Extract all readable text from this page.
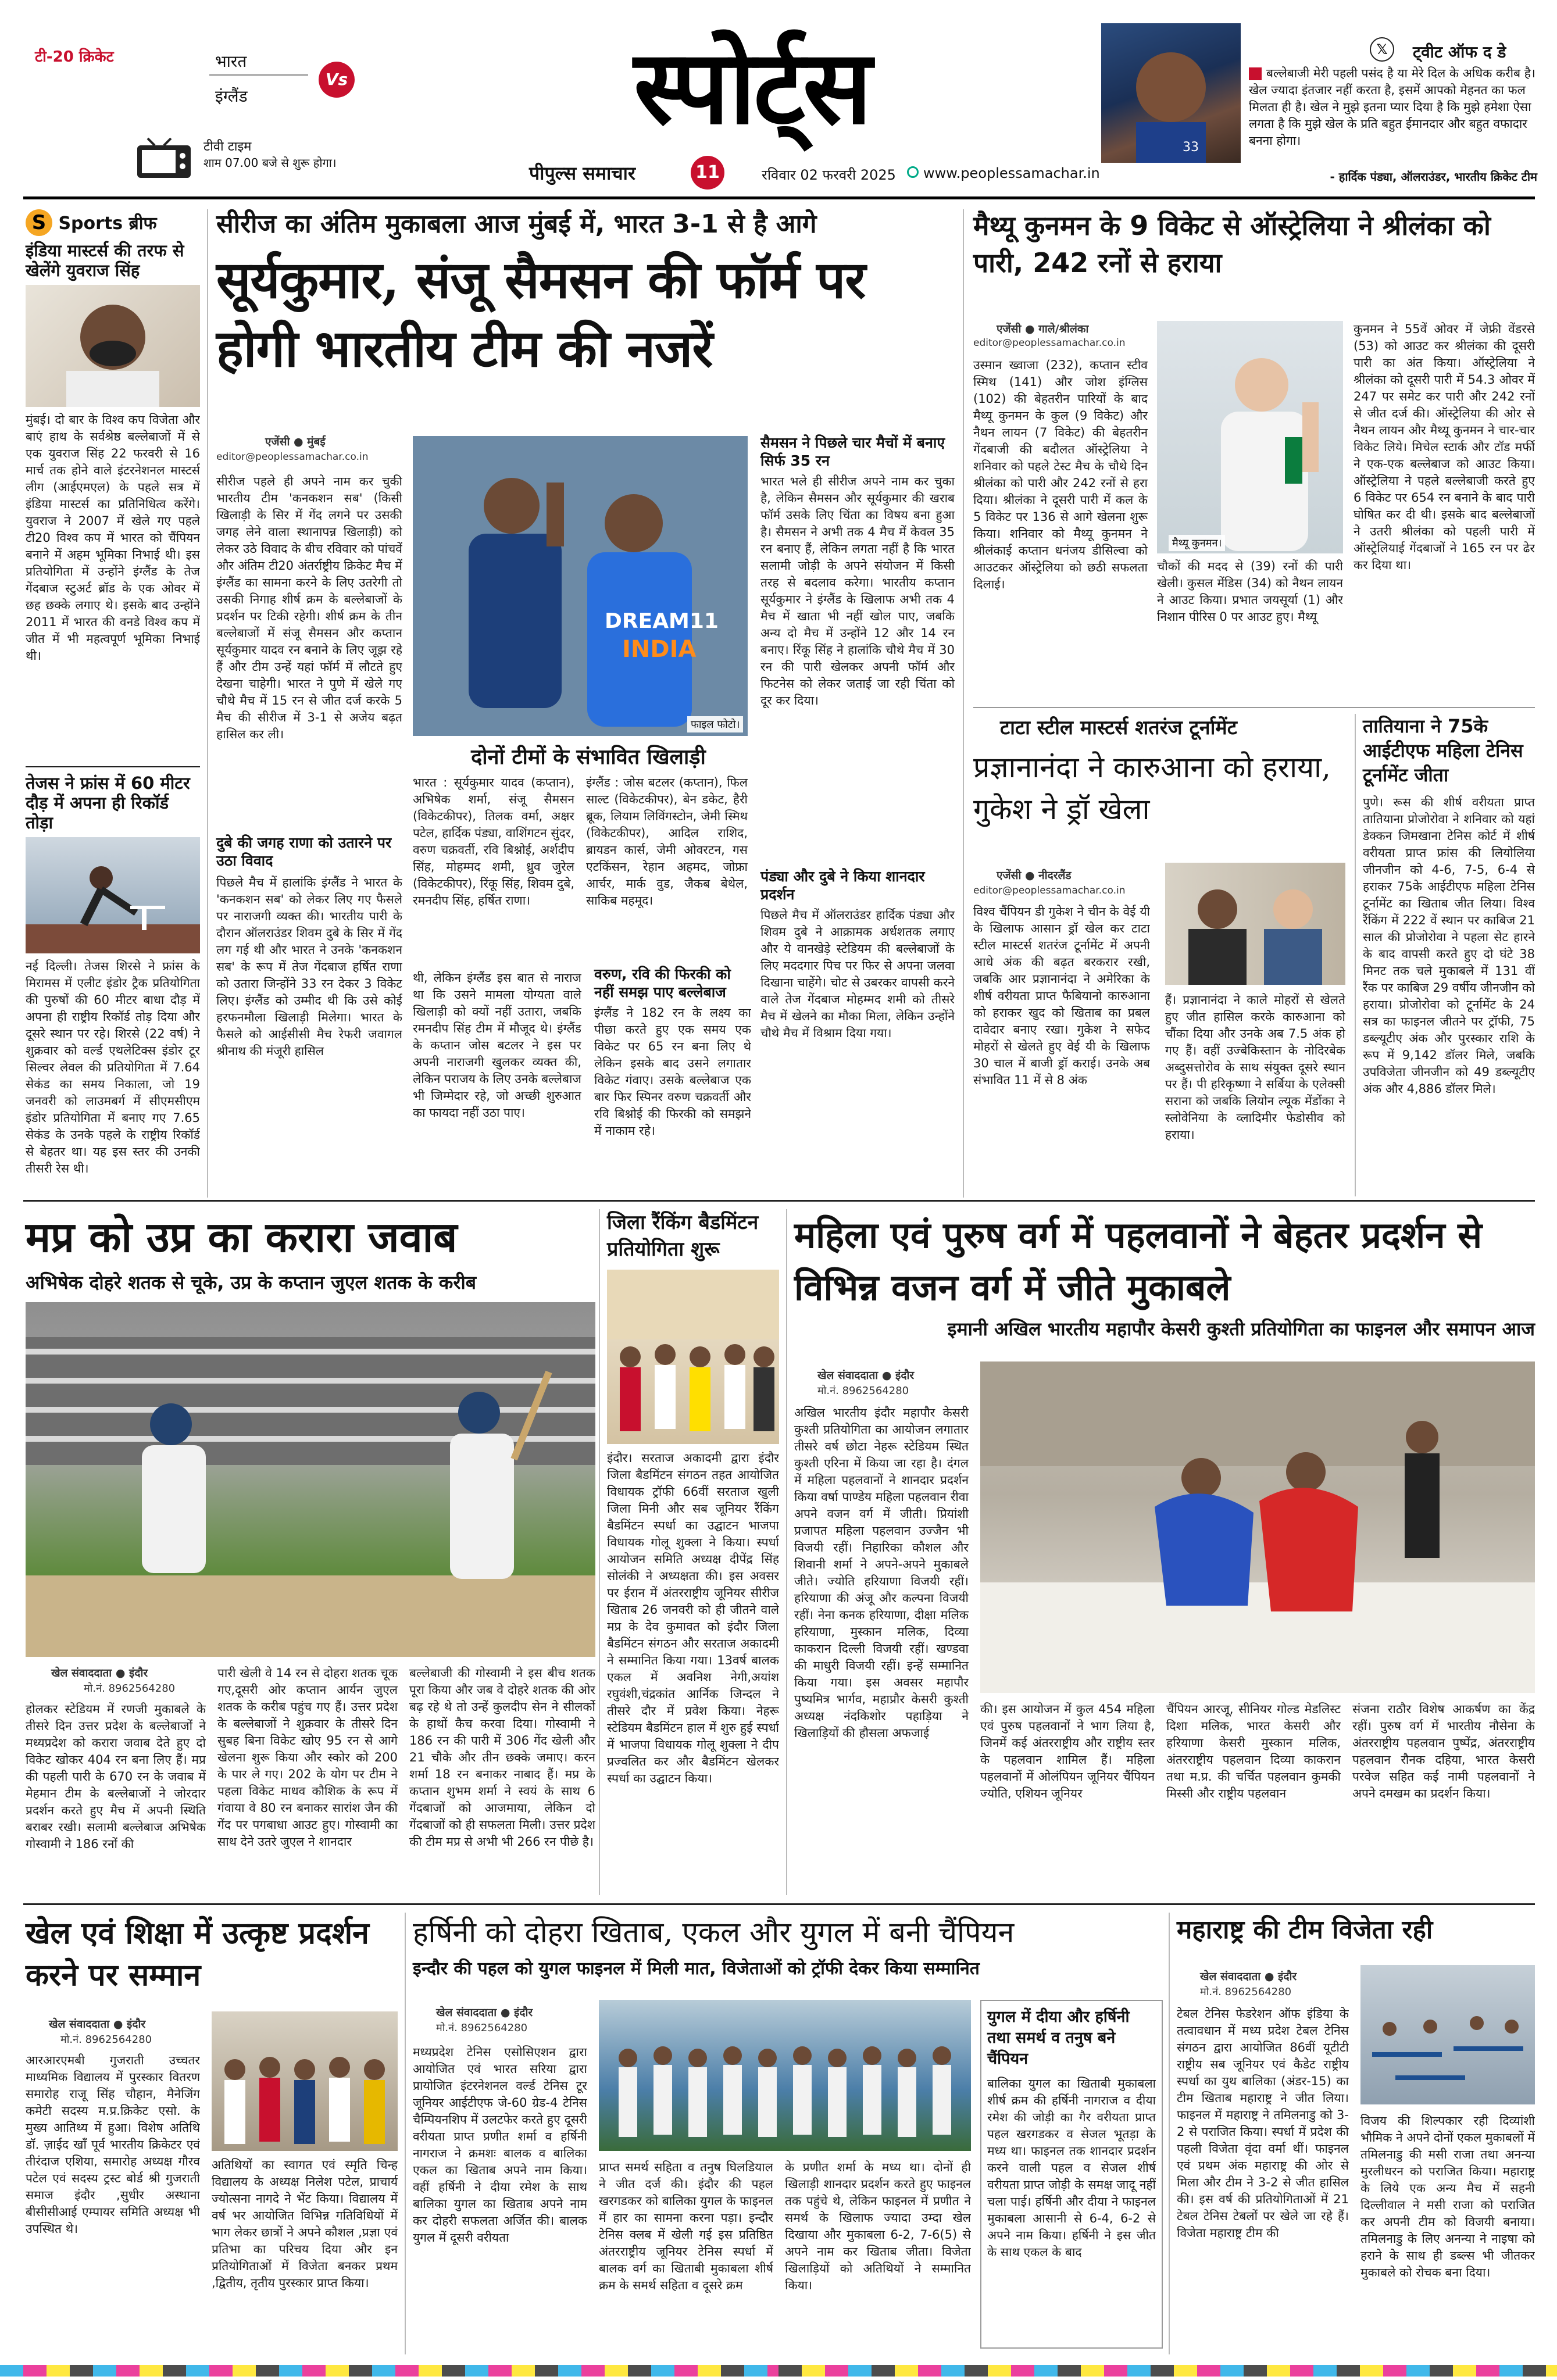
टी-20 क्रिकेट	भारत
इंग्लैंड
Vs
टीवी टाइम
शाम 07.00 बजे से शुरू होगा।
स्पोर्ट्स
पीपुल्स समाचार	11	रविवार 02 फरवरी 2025 www.peoplessamachar.in
33
𝕏	ट्वीट ऑफ द डे
बल्लेबाजी मेरी पहली पसंद है या मेरे दिल के अधिक करीब है। खेल ज्यादा इंतजार नहीं करता है, इसमें आपको मेहनत का फल मिलता ही है। खेल ने मुझे इतना प्यार दिया है कि मुझे हमेशा ऐसा लगता है कि मुझे खेल के प्रति बहुत ईमानदार और बहुत वफादार बनना होगा।
- हार्दिक पंड्या, ऑलराउंडर, भारतीय क्रिकेट टीम
S Sports ब्रीफ
इंडिया मास्टर्स की तरफ से खेलेंगे युवराज सिंह
मुंबई। दो बार के विश्व कप विजेता और बाएं हाथ के सर्वश्रेष्ठ बल्लेबाजों में से एक युवराज सिंह 22 फरवरी से 16 मार्च तक होने वाले इंटरनेशनल मास्टर्स लीग (आईएमएल) के पहले सत्र में इंडिया मास्टर्स का प्रतिनिधित्व करेंगे। युवराज ने 2007 में खेले गए पहले टी20 विश्व कप में भारत को चैंपियन बनाने में अहम भूमिका निभाई थी। इस प्रतियोगिता में उन्होंने इंग्लैंड के तेज गेंदबाज स्टुअर्ट ब्रॉड के एक ओवर में छह छक्के लगाए थे। इसके बाद उन्होंने 2011 में भारत की वनडे विश्व कप में जीत में भी महत्वपूर्ण भूमिका निभाई थी।
तेजस ने फ्रांस में 60 मीटर दौड़ में अपना ही रिकॉर्ड तोड़ा
नई दिल्ली। तेजस शिरसे ने फ्रांस के मिरामस में एलीट इंडोर ट्रैक प्रतियोगिता की पुरुषों की 60 मीटर बाधा दौड़ में अपना ही राष्ट्रीय रिकॉर्ड तोड़ दिया और दूसरे स्थान पर रहे। शिरसे (22 वर्ष) ने शुक्रवार को वर्ल्ड एथलेटिक्स इंडोर टूर सिल्वर लेवल की प्रतियोगिता में 7.64 सेकंड का समय निकाला, जो 19 जनवरी को लाउमबर्ग में सीएमसीएम इंडोर प्रतियोगिता में बनाए गए 7.65 सेकंड के उनके पहले के राष्ट्रीय रिकॉर्ड से बेहतर था। यह इस स्तर की उनकी तीसरी रेस थी।
सीरीज का अंतिम मुकाबला आज मुंबई में, भारत 3-1 से है आगे
सूर्यकुमार, संजू सैमसन की फॉर्म पर होगी भारतीय टीम की नजरें
एजेंसी ● मुंबई
editor@peoplessamachar.co.in
सीरीज पहले ही अपने नाम कर चुकी भारतीय टीम 'कनकशन सब' (किसी खिलाड़ी के सिर में गेंद लगने पर उसकी जगह लेने वाला स्थानापन्न खिलाड़ी) को लेकर उठे विवाद के बीच रविवार को पांचवें और अंतिम टी20 अंतर्राष्ट्रीय क्रिकेट मैच में इंग्लैंड का सामना करने के लिए उतरेगी तो उसकी निगाह शीर्ष क्रम के बल्लेबाजों के प्रदर्शन पर टिकी रहेगी। शीर्ष क्रम के तीन बल्लेबाजों में संजू सैमसन और कप्तान सूर्यकुमार यादव रन बनाने के लिए जूझ रहे हैं और टीम उन्हें यहां फॉर्म में लौटते हुए देखना चाहेगी। भारत ने पुणे में खेले गए चौथे मैच में 15 रन से जीत दर्ज करके 5 मैच की सीरीज में 3-1 से अजेय बढ़त हासिल कर ली।
दुबे की जगह राणा को उतारने पर उठा विवाद
पिछले मैच में हालांकि इंग्लैंड ने भारत के 'कनकशन सब' को लेकर लिए गए फैसले पर नाराजगी व्यक्त की। भारतीय पारी के दौरान ऑलराउंडर शिवम दुबे के सिर में गेंद लग गई थी और भारत ने उनके 'कनकशन सब' के रूप में तेज गेंदबाज हर्षित राणा को उतारा जिन्होंने 33 रन देकर 3 विकेट लिए। इंग्लैंड को उम्मीद थी कि उसे कोई हरफनमौला खिलाड़ी मिलेगा। भारत के फैसले को आईसीसी मैच रेफरी जवागल श्रीनाथ की मंजूरी हासिल
DREAM11
INDIA
फाइल फोटो।
दोनों टीमों के संभावित खिलाड़ी
भारत : सूर्यकुमार यादव (कप्तान), अभिषेक शर्मा, संजू सैमसन (विकेटकीपर), तिलक वर्मा, अक्षर पटेल, हार्दिक पंड्या, वाशिंगटन सुंदर, वरुण चक्रवर्ती, रवि बिश्नोई, अर्शदीप सिंह, मोहम्मद शमी, ध्रुव जुरेल (विकेटकीपर), रिंकू सिंह, शिवम दुबे, रमनदीप सिंह, हर्षित राणा।
इंग्लैंड : जोस बटलर (कप्तान), फिल साल्ट (विकेटकीपर), बेन डकेट, हैरी ब्रूक, लियाम लिविंगस्टोन, जेमी स्मिथ (विकेटकीपर), आदिल राशिद, ब्रायडन कार्स, जेमी ओवरटन, गस एटकिंसन, रेहान अहमद, जोफ्रा आर्चर, मार्क वुड, जैकब बेथेल, साकिब महमूद।
थी, लेकिन इंग्लैंड इस बात से नाराज था कि उसने मामला योग्यता वाले खिलाड़ी को क्यों नहीं उतारा, जबकि रमनदीप सिंह टीम में मौजूद थे। इंग्लैंड के कप्तान जोस बटलर ने इस पर अपनी नाराजगी खुलकर व्यक्त की, लेकिन पराजय के लिए उनके बल्लेबाज भी जिम्मेदार रहे, जो अच्छी शुरुआत का फायदा नहीं उठा पाए।
सैमसन ने पिछले चार मैचों में बनाए सिर्फ 35 रन
भारत भले ही सीरीज अपने नाम कर चुका है, लेकिन सैमसन और सूर्यकुमार की खराब फॉर्म उसके लिए चिंता का विषय बना हुआ है। सैमसन ने अभी तक 4 मैच में केवल 35 रन बनाए हैं, लेकिन लगता नहीं है कि भारत सलामी जोड़ी के अपने संयोजन में किसी तरह से बदलाव करेगा। भारतीय कप्तान सूर्यकुमार ने इंग्लैंड के खिलाफ अभी तक 4 मैच में खाता भी नहीं खोल पाए, जबकि अन्य दो मैच में उन्होंने 12 और 14 रन बनाए। रिंकू सिंह ने हालांकि चौथे मैच में 30 रन की पारी खेलकर अपनी फॉर्म और फिटनेस को लेकर जताई जा रही चिंता को दूर कर दिया।
पंड्या और दुबे ने किया शानदार प्रदर्शन
पिछले मैच में ऑलराउंडर हार्दिक पंड्या और शिवम दुबे ने आक्रामक अर्धशतक लगाए और ये वानखेड़े स्टेडियम की बल्लेबाजों के लिए मददगार पिच पर फिर से अपना जलवा दिखाना चाहेंगे। चोट से उबरकर वापसी करने वाले तेज गेंदबाज मोहम्मद शमी को तीसरे मैच में खेलने का मौका मिला, लेकिन उन्होंने चौथे मैच में विश्राम दिया गया।
वरुण, रवि की फिरकी को नहीं समझ पाए बल्लेबाज
इंग्लैंड ने 182 रन के लक्ष्य का पीछा करते हुए एक समय एक विकेट पर 65 रन बना लिए थे लेकिन इसके बाद उसने लगातार विकेट गंवाए। उसके बल्लेबाज एक बार फिर स्पिनर वरुण चक्रवर्ती और रवि बिश्नोई की फिरकी को समझने में नाकाम रहे।
मैथ्यू कुनमन के 9 विकेट से ऑस्ट्रेलिया ने श्रीलंका को पारी, 242 रनों से हराया
एजेंसी ● गाले/श्रीलंका
editor@peoplessamachar.co.in
उस्मान ख्वाजा (232), कप्तान स्टीव स्मिथ (141) और जोश इंग्लिस (102) की बेहतरीन पारियों के बाद मैथ्यू कुनमन के कुल (9 विकेट) और नैथन लायन (7 विकेट) की बेहतरीन गेंदबाजी की बदौलत ऑस्ट्रेलिया ने शनिवार को पहले टेस्ट मैच के चौथे दिन श्रीलंका को पारी और 242 रनों से हरा दिया। श्रीलंका ने दूसरी पारी में कल के 5 विकेट पर 136 से आगे खेलना शुरू किया। शनिवार को मैथ्यू कुनमन ने श्रीलंकाई कप्तान धनंजय डीसिल्वा को आउटकर ऑस्ट्रेलिया को छठी सफलता दिलाई।
मैथ्यू कुनमन।
चौकों की मदद से (39) रनों की पारी खेली। कुसल मेंडिस (34) को नैथन लायन ने आउट किया। प्रभात जयसूर्या (1) और निशान पीरिस 0 पर आउट हुए। मैथ्यू
कुनमन ने 55वें ओवर में जेफ्री वेंडरसे (53) को आउट कर श्रीलंका की दूसरी पारी का अंत किया। ऑस्ट्रेलिया ने श्रीलंका को दूसरी पारी में 54.3 ओवर में 247 पर समेट कर पारी और 242 रनों से जीत दर्ज की। ऑस्ट्रेलिया की ओर से नैथन लायन और मैथ्यू कुनमन ने चार-चार विकेट लिये। मिचेल स्टार्क और टॉड मर्फी ने एक-एक बल्लेबाज को आउट किया। ऑस्ट्रेलिया ने पहले बल्लेबाजी करते हुए 6 विकेट पर 654 रन बनाने के बाद पारी घोषित कर दी थी। इसके बाद बल्लेबाजों ने उतरी श्रीलंका को पहली पारी में ऑस्ट्रेलियाई गेंदबाजों ने 165 रन पर ढेर कर दिया था।
टाटा स्टील मास्टर्स शतरंज टूर्नामेंट
प्रज्ञानानंदा ने कारुआना को हराया, गुकेश ने ड्रॉ खेला
एजेंसी ● नीदरलैंड
editor@peoplessamachar.co.in
विश्व चैंपियन डी गुकेश ने चीन के वेई यी के खिलाफ आसान ड्रॉ खेल कर टाटा स्टील मास्टर्स शतरंज टूर्नामेंट में अपनी आधे अंक की बढ़त बरकरार रखी, जबकि आर प्रज्ञानानंदा ने अमेरिका के शीर्ष वरीयता प्राप्त फैबियानो कारुआना को हराकर खुद को खिताब का प्रबल दावेदार बनाए रखा। गुकेश ने सफेद मोहरों से खेलते हुए वेई यी के खिलाफ 30 चाल में बाजी ड्रॉ कराई। उनके अब संभावित 11 में से 8 अंक
हैं। प्रज्ञानानंदा ने काले मोहरों से खेलते हुए जीत हासिल करके कारुआना को चौंका दिया और उनके अब 7.5 अंक हो गए हैं। वहीं उज्बेकिस्तान के नोदिरबेक अब्दुसत्तोरोव के साथ संयुक्त दूसरे स्थान पर हैं। पी हरिकृष्णा ने सर्बिया के एलेक्सी सराना को जबकि लियोन ल्यूक मेंडोंका ने स्लोवेनिया के व्लादिमीर फेडोसीव को हराया।
तातियाना ने 75के आईटीएफ महिला टेनिस टूर्नामेंट जीता
पुणे। रूस की शीर्ष वरीयता प्राप्त तातियाना प्रोजोरोवा ने शनिवार को यहां डेक्कन जिमखाना टेनिस कोर्ट में शीर्ष वरीयता प्राप्त फ्रांस की लियोलिया जीनजीन को 4-6, 7-5, 6-4 से हराकर 75के आईटीएफ महिला टेनिस टूर्नामेंट का खिताब जीत लिया। विश्व रैंकिंग में 222 वें स्थान पर काबिज 21 साल की प्रोजोरोवा ने पहला सेट हारने के बाद वापसी करते हुए दो घंटे 38 मिनट तक चले मुकाबले में 131 वीं रैंक पर काबिज 29 वर्षीय जीनजीन को हराया। प्रोजोरोवा को टूर्नामेंट के 24 सत्र का फाइनल जीतने पर ट्रॉफी, 75 डब्ल्यूटीए अंक और पुरस्कार राशि के रूप में 9,142 डॉलर मिले, जबकि उपविजेता जीनजीन को 49 डब्ल्यूटीए अंक और 4,886 डॉलर मिले।
मप्र को उप्र का करारा जवाब
अभिषेक दोहरे शतक से चूके, उप्र के कप्तान जुएल शतक के करीब
खेल संवाददाता ● इंदौर
मो.नं. 8962564280
होलकर स्टेडियम में रणजी मुकाबले के तीसरे दिन उत्तर प्रदेश के बल्लेबाजों ने मध्यप्रदेश को करारा जवाब देते हुए दो विकेट खोकर 404 रन बना लिए हैं। मप्र की पहली पारी के 670 रन के जवाब में मेहमान टीम के बल्लेबाजों ने जोरदार प्रदर्शन करते हुए मैच में अपनी स्थिति बराबर रखी। सलामी बल्लेबाज अभिषेक गोस्वामी ने 186 रनों की
पारी खेली वे 14 रन से दोहरा शतक चूक गए,दूसरी ओर कप्तान आर्यन जुएल शतक के करीब पहुंच गए हैं। उत्तर प्रदेश के बल्लेबाजों ने शुक्रवार के तीसरे दिन सुबह बिना विकेट खोए 95 रन से आगे खेलना शुरू किया और स्कोर को 200 के पार ले गए। 202 के योग पर टीम ने पहला विकेट माधव कौशिक के रूप में गंवाया वे 80 रन बनाकर सारांश जैन की गेंद पर पगबाधा आउट हुए। गोस्वामी का साथ देने उतरे जुएल ने शानदार
बल्लेबाजी की गोस्वामी ने इस बीच शतक पूरा किया और जब वे दोहरे शतक की ओर बढ़ रहे थे तो उन्हें कुलदीप सेन ने सीलर्को के हाथों कैच करवा दिया। गोस्वामी ने 186 रन की पारी में 306 गेंद खेली और 21 चौके और तीन छक्के जमाए। करन शर्मा 18 रन बनाकर नाबाद हैं। मप्र के कप्तान शुभम शर्मा ने स्वयं के साथ 6 गेंदबाजों को आजमाया, लेकिन दो गेंदबाजों को ही सफलता मिली। उत्तर प्रदेश की टीम मप्र से अभी भी 266 रन पीछे है।
जिला रैंकिंग बैडमिंटन प्रतियोगिता शुरू
इंदौर। सरताज अकादमी द्वारा इंदौर जिला बैडमिंटन संगठन तहत आयोजित विधायक ट्रॉफी 66वीं सरताज खुली जिला मिनी और सब जूनियर रैंकिंग बैडमिंटन स्पर्धा का उद्घाटन भाजपा विधायक गोलू शुक्ला ने किया। स्पर्धा आयोजन समिति अध्यक्ष दीपेंद्र सिंह सोलंकी ने अध्यक्षता की। इस अवसर पर ईरान में अंतरराष्ट्रीय जूनियर सीरीज खिताब 26 जनवरी को ही जीतने वाले मप्र के देव कुमावत को इंदौर जिला बैडमिंटन संगठन और सरताज अकादमी ने सम्मानित किया गया। 13वर्ष बालक एकल में अवनिश नेगी,अयांश रघुवंशी,चंद्रकांत आर्निक जिन्दल ने तीसरे दौर में प्रवेश किया। नेहरू स्टेडियम बैडमिंटन हाल में शुरु हुई स्पर्धा में भाजपा विधायक गोलू शुक्ला ने दीप प्रज्वलित कर और बैडमिंटन खेलकर स्पर्धा का उद्घाटन किया।
महिला एवं पुरुष वर्ग में पहलवानों ने बेहतर प्रदर्शन से विभिन्न वजन वर्ग में जीते मुकाबले
इमानी अखिल भारतीय महापौर केसरी कुश्ती प्रतियोगिता का फाइनल और समापन आज
खेल संवाददाता ● इंदौर
मो.नं. 8962564280
अखिल भारतीय इंदौर महापौर केसरी कुश्ती प्रतियोगिता का आयोजन लगातार तीसरे वर्ष छोटा नेहरू स्टेडियम स्थित कुश्ती एरिना में किया जा रहा है। दंगल में महिला पहलवानों ने शानदार प्रदर्शन किया वर्षा पाण्डेय महिला पहलवान रीवा अपने वजन वर्ग में जीती। प्रियांशी प्रजापत महिला पहलवान उज्जैन भी विजयी रहीं। निहारिका कौशल और शिवानी शर्मा ने अपने-अपने मुकाबले जीते। ज्योति हरियाणा विजयी रहीं। हरियाणा की अंजू और कल्पना विजयी रहीं। नेना कनक हरियाणा, दीक्षा मलिक हरियाणा, मुस्कान मलिक, दिव्या काकरान दिल्ली विजयी रहीं। खण्डवा की माधुरी विजयी रहीं। इन्हें सम्मानित किया गया। इस अवसर महापौर पुष्यमित्र भार्गव, महाप्रौर केसरी कुश्ती अध्यक्ष नंदकिशोर पहाड़िया ने खिलाड़ियों की हौसला अफजाई
की। इस आयोजन में कुल 454 महिला एवं पुरुष पहलवानों ने भाग लिया है, जिनमें कई अंतरराष्ट्रीय और राष्ट्रीय स्तर के पहलवान शामिल हैं। महिला पहलवानों में ओलंपियन जूनियर चैंपियन ज्योति, एशियन जूनियर
चैंपियन आरजू, सीनियर गोल्ड मेडलिस्ट दिशा मलिक, भारत केसरी और हरियाणा केसरी मुस्कान मलिक, अंतरराष्ट्रीय पहलवान दिव्या काकरान तथा म.प्र. की चर्चित पहलवान कुमकी मिस्सी और राष्ट्रीय पहलवान
संजना राठौर विशेष आकर्षण का केंद्र रहीं। पुरुष वर्ग में भारतीय नौसेना के अंतरराष्ट्रीय पहलवान पुष्पेंद्र, अंतरराष्ट्रीय पहलवान रौनक दहिया, भारत केसरी परवेज सहित कई नामी पहलवानों ने अपने दमखम का प्रदर्शन किया।
खेल एवं शिक्षा में उत्कृष्ट प्रदर्शन करने पर सम्मान
खेल संवाददाता ● इंदौर
मो.नं. 8962564280
आरआरएमबी गुजराती उच्चतर माध्यमिक विद्यालय में पुरस्कार वितरण समारोह राजू सिंह चौहान, मैनेजिंग कमेटी सदस्य म.प्र.क्रिकेट एसो. के मुख्य आतिथ्य में हुआ। विशेष अतिथि डॉ. ज़ाईद खाँ पूर्व भारतीय क्रिकेटर एवं तीरंदाज एशिया, समारोह अध्यक्ष गौरव पटेल एवं सदस्य ट्रस्ट बोर्ड श्री गुजराती समाज इंदौर ,सुधीर अस्थाना बीसीसीआई एम्पायर समिति अध्यक्ष भी उपस्थित थे।
अतिथियों का स्वागत एवं स्मृति चिन्ह विद्यालय के अध्यक्ष निलेश पटेल, प्राचार्य ज्योत्सना नागदे ने भेंट किया। विद्यालय में वर्ष भर आयोजित विभिन्न गतिविधियों में भाग लेकर छात्रों ने अपने कौशल ,प्रज्ञा एवं प्रतिभा का परिचय दिया और इन प्रतियोगिताओं में विजेता बनकर प्रथम ,द्वितीय, तृतीय पुरस्कार प्राप्त किया।
हर्षिनी को दोहरा खिताब, एकल और युगल में बनी चैंपियन
इन्दौर की पहल को युगल फाइनल में मिली मात, विजेताओं को ट्रॉफी देकर किया सम्मानित
खेल संवाददाता ● इंदौर
मो.नं. 8962564280
मध्यप्रदेश टेनिस एसोसिएशन द्वारा आयोजित एवं भारत सरिया द्वारा प्रायोजित इंटरनेशनल वर्ल्ड टेनिस टूर जूनियर आईटीएफ जे-60 ग्रेड-4 टेनिस चैम्पियनशिप में उलटफेर करते हुए दूसरी वरीयता प्राप्त प्रणीत शर्मा व हर्षिनी नागराज ने क्रमशः बालक व बालिका एकल का खिताब अपने नाम किया। वहीं हर्षिनी ने दीया रमेश के साथ बालिका युगल का खिताब अपने नाम कर दोहरी सफलता अर्जित की। बालक युगल में दूसरी वरीयता
प्राप्त समर्थ सहिता व तनुष घिलडियाल ने जीत दर्ज की। इंदौर की पहल खरगडकर को बालिका युगल के फाइनल में हार का सामना करना पड़ा। इन्दौर टेनिस क्लब में खेली गई इस प्रतिष्ठित अंतरराष्ट्रीय जूनियर टेनिस स्पर्धा में बालक वर्ग का खिताबी मुकाबला शीर्ष क्रम के समर्थ सहिता व दूसरे क्रम
के प्रणीत शर्मा के मध्य था। दोनों ही खिलाड़ी शानदार प्रदर्शन करते हुए फाइनल तक पहुंचे थे, लेकिन फाइनल में प्रणीत ने समर्थ के खिलाफ ज्यादा उम्दा खेल दिखाया और मुकाबला 6-2, 7-6(5) से अपने नाम कर खिताब जीता। विजेता खिलाड़ियों को अतिथियों ने सम्मानित किया।
युगल में दीया और हर्षिनी तथा समर्थ व तनुष बने चैंपियन
बालिका युगल का खिताबी मुकाबला शीर्ष क्रम की हर्षिनी नागराज व दीया रमेश की जोड़ी का गैर वरीयता प्राप्त पहल खरगडकर व सेजल भूतड़ा के मध्य था। फाइनल तक शानदार प्रदर्शन करने वाली पहल व सेजल शीर्ष वरीयता प्राप्त जोड़ी के समक्ष जादू नहीं चला पाई। हर्षिनी और दीया ने फाइनल मुकाबला आसानी से 6-4, 6-2 से अपने नाम किया। हर्षिनी ने इस जीत के साथ एकल के बाद
महाराष्ट्र की टीम विजेता रही
खेल संवाददाता ● इंदौर
मो.नं. 8962564280
टेबल टेनिस फेडरेशन ऑफ इंडिया के तत्वावधान में मध्य प्रदेश टेबल टेनिस संगठन द्वारा आयोजित 86वीं यूटीटी राष्ट्रीय सब जूनियर एवं कैडेट राष्ट्रीय स्पर्धा का युथ बालिका (अंडर-15) का टीम खिताब महाराष्ट्र ने जीत लिया। फाइनल में महाराष्ट्र ने तमिलनाडु को 3-2 से पराजित किया। स्पर्धा में प्रदेश की पहली विजेता वृंदा वर्मा थीं। फाइनल एवं प्रथम अंक महाराष्ट्र की ओर से मिला और टीम ने 3-2 से जीत हासिल की। इस वर्ष की प्रतियोगिताओं में 21 टेबल टेनिस टेबलों पर खेले जा रहे हैं। विजेता महाराष्ट्र टीम की
विजय की शिल्पकार रही दिव्यांशी भौमिक ने अपने दोनों एकल मुकाबलों में तमिलनाडु की मसी राजा तथा अनन्या मुरलीधरन को पराजित किया। महाराष्ट्र के लिये एक अन्य मैच में सहनी दिल्लीवाल ने मसी राजा को पराजित कर अपनी टीम को विजयी बनाया। तमिलनाडु के लिए अनन्या ने नाइषा को हराने के साथ ही डब्ल्स भी जीतकर मुकाबले को रोचक बना दिया।
